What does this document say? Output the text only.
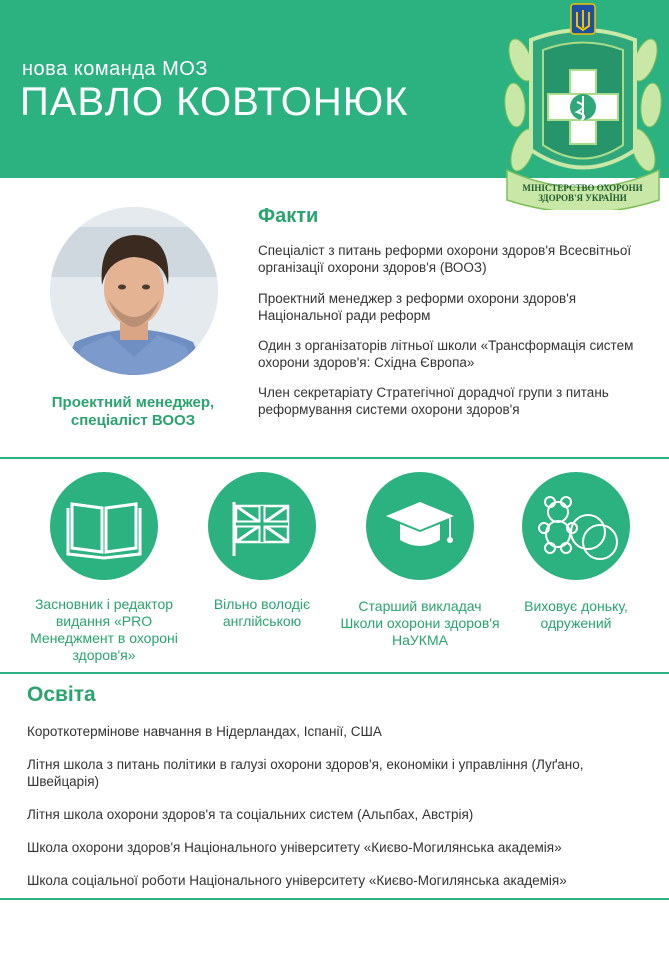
нова команда МОЗ
ПАВЛО КОВТОНЮК
МІНІСТЕРСТВО ОХОРОНИ ЗДОРОВ'Я УКРАЇНИ
Проектний менеджер, спеціаліст ВООЗ
Факти
Спеціаліст з питань реформи охорони здоров'я Всесвітньої організації охорони здоров'я (ВООЗ)
Проектний менеджер з реформи охорони здоров'я Національної ради реформ
Один з організаторів літньої школи «Трансформація систем охорони здоров'я: Східна Європа»
Член секретаріату Стратегічної дорадчої групи з питань реформування системи охорони здоров'я
Засновник і редактор видання «PRO Менеджмент в охороні здоров'я»
Вільно володіє англійською
Старший викладач Школи охорони здоров'я НаУКМА
Виховує доньку, одружений
Освіта
Короткотермінове навчання в Нідерландах, Іспанії, США
Літня школа з питань політики в галузі охорони здоров'я, економіки і управління (Луґано, Швейцарія)
Літня школа охорони здоров'я та соціальних систем (Альпбах, Австрія)
Школа охорони здоров'я Національного університету «Києво-Могилянська академія»
Школа соціальної роботи Національного університету «Києво-Могилянська академія»
